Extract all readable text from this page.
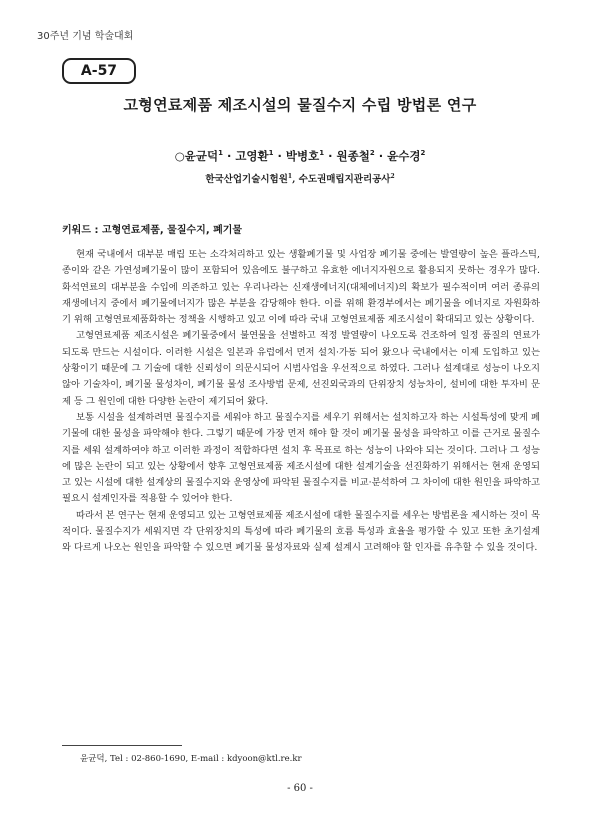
30주년 기념 학술대회
A-57
고형연료제품 제조시설의 물질수지 수립 방법론 연구
○윤균덕$^1$ · 고영환$^1$ · 박병호$^1$ · 원종철$^2$ · 윤수경$^2$
한국산업기술시험원$^1$, 수도권매립지관리공사$^2$
키워드 : 고형연료제품, 물질수지, 폐기물

현재 국내에서 대부분 매립 또는 소각처리하고 있는 생활폐기물 및 사업장 폐기물 중에는 발열량이 높은 플라스틱, 종이와 같은 가연성폐기물이 많이 포함되어 있음에도 불구하고 유효한 에너지자원으로 활용되지 못하는 경우가 많다. 화석연료의 대부분을 수입에 의존하고 있는 우리나라는 신재생에너지(대체에너지)의 확보가 필수적이며 여러 종류의 재생에너지 중에서 폐기물에너지가 많은 부분을 감당해야 한다. 이를 위해 환경부에서는 폐기물을 에너지로 자원화하기 위해 고형연료제품화하는 정책을 시행하고 있고 이에 따라 국내 고형연료제품 제조시설이 확대되고 있는 상황이다.

고형연료제품 제조시설은 폐기물중에서 불연물을 선별하고 적정 발열량이 나오도록 건조하여 일정 품질의 연료가 되도록 만드는 시설이다. 이러한 시설은 일본과 유럽에서 먼저 설치·가동 되어 왔으나 국내에서는 이제 도입하고 있는 상황이기 때문에 그 기술에 대한 신뢰성이 의문시되어 시범사업을 우선적으로 하였다. 그러나 설계대로 성능이 나오지 않아 기술차이, 폐기물 물성차이, 폐기물 물성 조사방법 문제, 선진외국과의 단위장치 성능차이, 설비에 대한 투자비 문제 등 그 원인에 대한 다양한 논란이 제기되어 왔다.

보통 시설을 설계하려면 물질수지를 세워야 하고 물질수지를 세우기 위해서는 설치하고자 하는 시설특성에 맞게 폐기물에 대한 물성을 파악해야 한다. 그렇기 때문에 가장 먼저 해야 할 것이 폐기물 물성을 파악하고 이를 근거로 물질수지를 세워 설계하여야 하고 이러한 과정이 적합하다면 설치 후 목표로 하는 성능이 나와야 되는 것이다. 그러나 그 성능에 많은 논란이 되고 있는 상황에서 향후 고형연료제품 제조시설에 대한 설계기술을 선진화하기 위해서는 현재 운영되고 있는 시설에 대한 설계상의 물질수지와 운영상에 파악된 물질수지를 비교·분석하여 그 차이에 대한 원인을 파악하고 필요시 설계인자를 적용할 수 있어야 한다.

따라서 본 연구는 현재 운영되고 있는 고형연료제품 제조시설에 대한 물질수지를 세우는 방법론을 제시하는 것이 목적이다. 물질수지가 세워지면 각 단위장치의 특성에 따라 폐기물의 흐름 특성과 효율을 평가할 수 있고 또한 초기설계와 다르게 나오는 원인을 파악할 수 있으면 폐기물 물성자료와 실제 설계시 고려해야 할 인자를 유추할 수 있을 것이다.

윤균덕, Tel : 02-860-1690, E-mail : kdyoon@ktl.re.kr
- 60 -
